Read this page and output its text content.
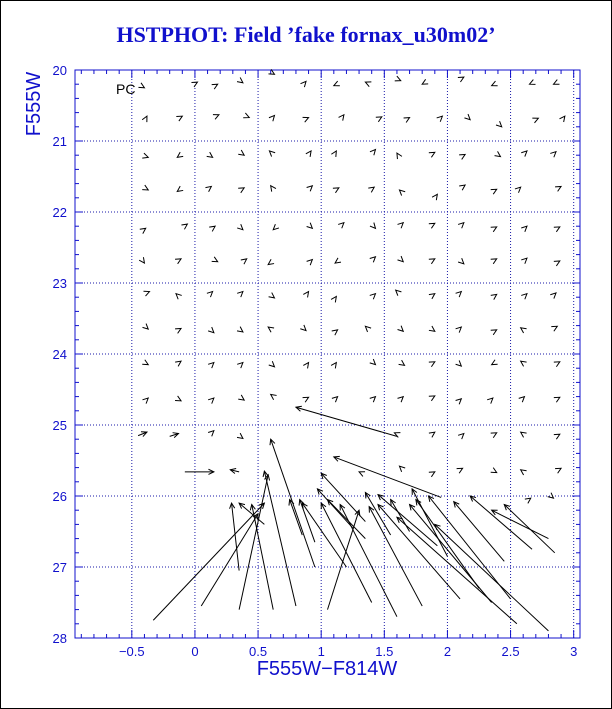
HSTPHOT: Field ’fake fornax_u30m02’
−0.5	0	0.5	1	1.5	2	2.5	3
20
21
22
23
24
25
26
27
28
F555W−F814W
F555W	PC
